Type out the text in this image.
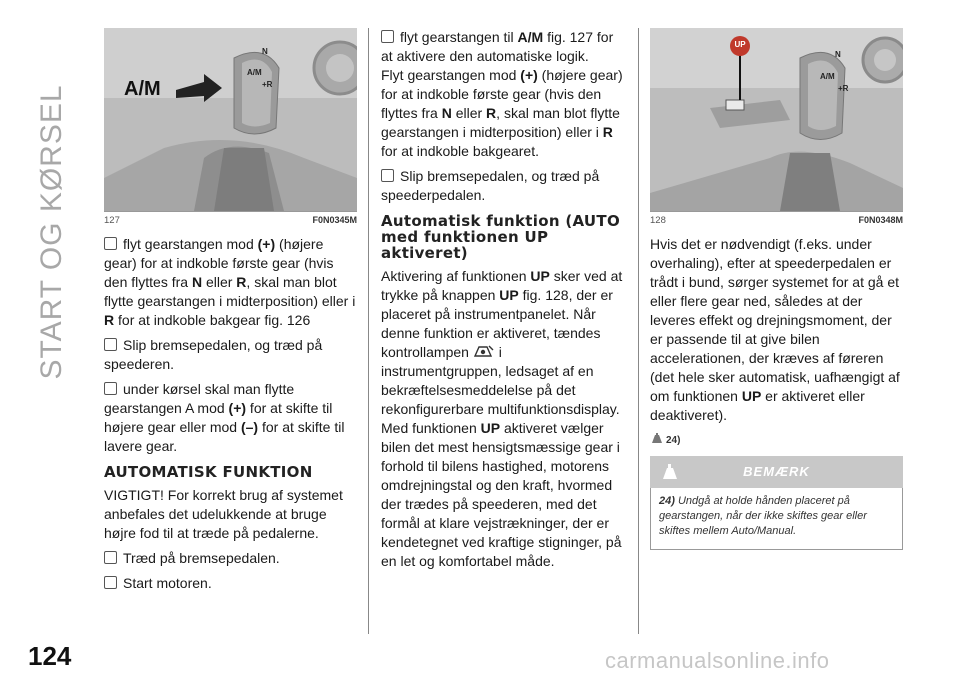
START OG KØRSEL
124
A/M
N
A/M
+R
127	F0N0345M

flyt gearstangen mod (+) (højere gear) for at indkoble første gear (hvis den flyttes fra N eller R, skal man blot flytte gearstangen i midterposition) eller i R for at indkoble bakgear fig. 126

Slip bremsepedalen, og træd på speederen.

under kørsel skal man flytte gearstangen A mod (+) for at skifte til højere gear eller mod (–) for at skifte til lavere gear.

AUTOMATISK FUNKTION

VIGTIGT! For korrekt brug af systemet anbefales det udelukkende at bruge højre fod til at træde på pedalerne.

Træd på bremsepedalen.

Start motoren.

flyt gearstangen til A/M fig. 127 for at aktivere den automatiske logik.

Flyt gearstangen mod (+) (højere gear) for at indkoble første gear (hvis den flyttes fra N eller R, skal man blot flytte gearstangen i midterposition) eller i R for at indkoble bakgearet.

Slip bremsepedalen, og træd på speederpedalen.

Automatisk funktion (AUTO med funktionen UP aktiveret)

Aktivering af funktionen UP sker ved at trykke på knappen UP fig. 128, der er placeret på instrumentpanelet. Når denne funktion er aktiveret, tændes kontrollampen  i instrumentgruppen, ledsaget af en bekræftelsesmeddelelse på det rekonfigurerbare multifunktionsdisplay. Med funktionen UP aktiveret vælger bilen det mest hensigtsmæssige gear i forhold til bilens hastighed, motorens omdrejningstal og den kraft, hvormed der trædes på speederen, med det formål at klare vejstrækninger, der er kendetegnet ved kraftige stigninger, på en let og komfortabel måde.

UP
N
A/M
+R
128	F0N0348M

Hvis det er nødvendigt (f.eks. under overhaling), efter at speederpedalen er trådt i bund, sørger systemet for at gå et eller flere gear ned, således at der leveres effekt og drejningsmoment, der er passende til at give bilen accelerationen, der kræves af føreren (det hele sker automatisk, uafhængigt af om funktionen UP er aktiveret eller deaktiveret).

24)
BEMÆRK
24) Undgå at holde hånden placeret på gearstangen, når der ikke skiftes gear eller skiftes mellem Auto/Manual.
carmanualsonline.info
